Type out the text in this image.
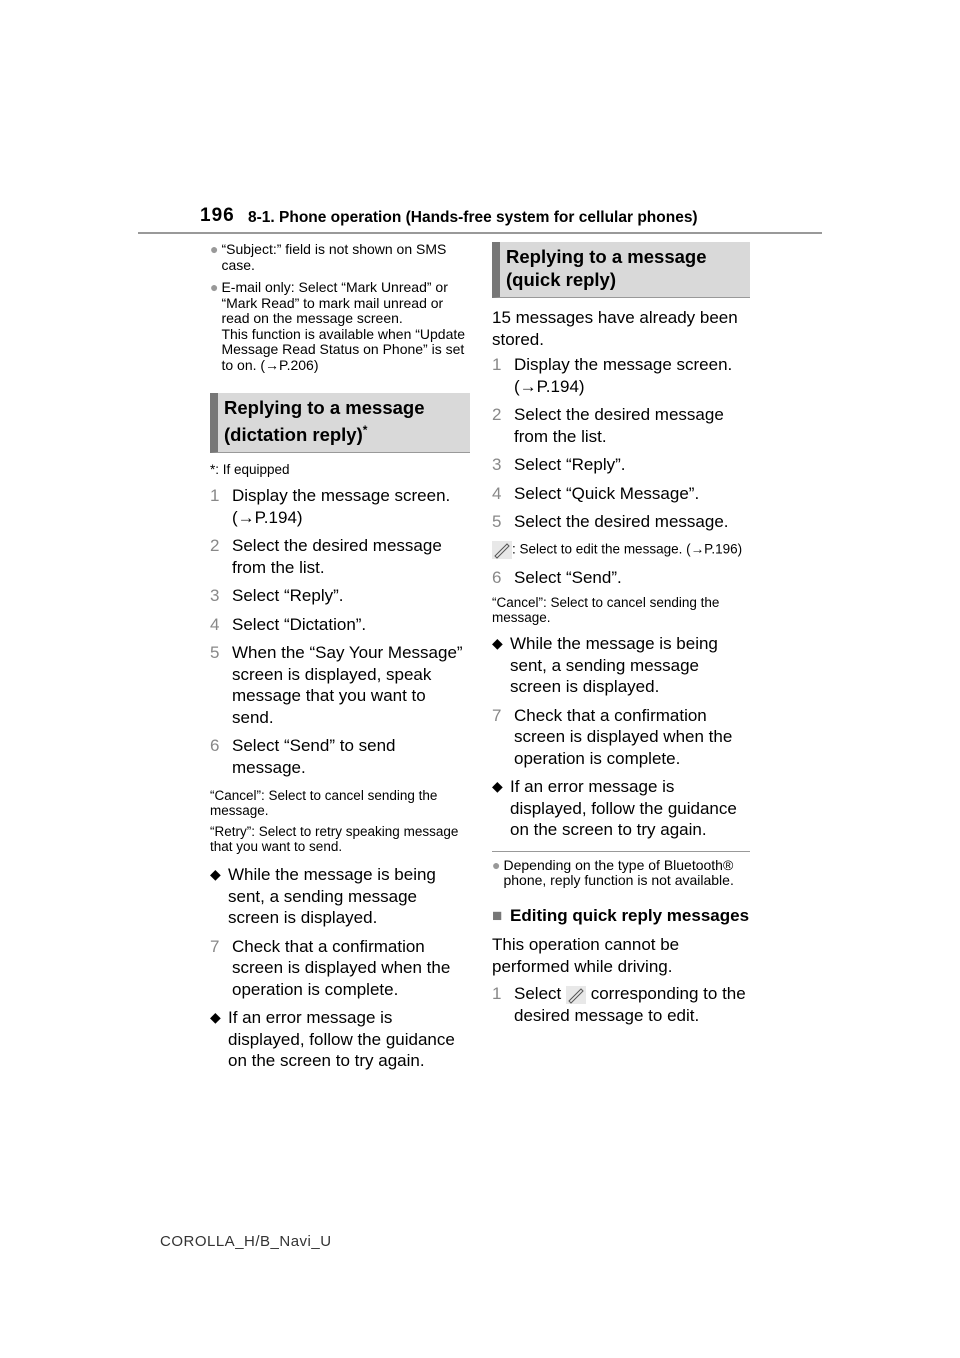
196 8-1. Phone operation (Hands-free system for cellular phones)
● “Subject:” field is not shown on SMS case.
● E-mail only: Select “Mark Unread” or “Mark Read” to mark mail unread or read on the message screen.
This function is available when “Update Message Read Status on Phone” is set to on. (→P.206)
Replying to a message
(dictation reply)*
*: If equipped
1 Display the message screen. (→P.194)
2 Select the desired message from the list.
3 Select “Reply”.
4 Select “Dictation”.
5 When the “Say Your Message” screen is displayed, speak message that you want to send.
6 Select “Send” to send message.
“Cancel”: Select to cancel sending the message.
“Retry”: Select to retry speaking message that you want to send.
◆ While the message is being sent, a sending message screen is displayed.
7 Check that a confirmation screen is displayed when the operation is complete.
◆ If an error message is displayed, follow the guidance on the screen to try again.
Replying to a message
(quick reply)
15 messages have already been stored.
1 Display the message screen. (→P.194)
2 Select the desired message from the list.
3 Select “Reply”.
4 Select “Quick Message”.
5 Select the desired message.
: Select to edit the message. (→P.196)
6 Select “Send”.
“Cancel”: Select to cancel sending the message.
◆ While the message is being sent, a sending message screen is displayed.
7 Check that a confirmation screen is displayed when the operation is complete.
◆ If an error message is displayed, follow the guidance on the screen to try again.
● Depending on the type of Bluetooth® phone, reply function is not available.
■ Editing quick reply messages
This operation cannot be performed while driving.
1 Select corresponding to the desired message to edit.
COROLLA_H/B_Navi_U
